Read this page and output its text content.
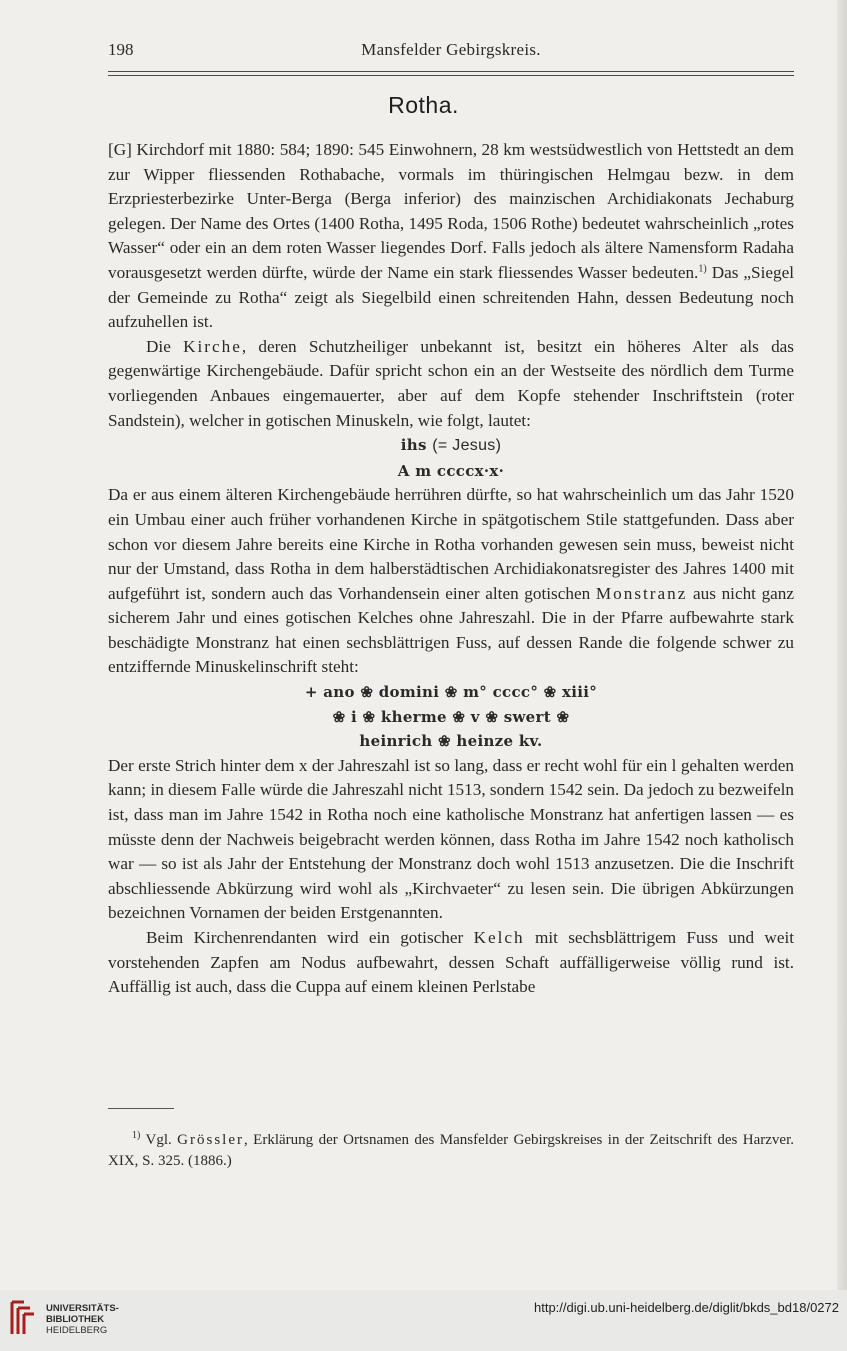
198	Mansfelder Gebirgskreis.
Rotha.

[G] Kirchdorf mit 1880: 584; 1890: 545 Einwohnern, 28 km westsüdwestlich von Hettstedt an dem zur Wipper fliessenden Rothabache, vormals im thüringischen Helmgau bezw. in dem Erzpriesterbezirke Unter-Berga (Berga inferior) des mainzischen Archidiakonats Jechaburg gelegen. Der Name des Ortes (1400 Rotha, 1495 Roda, 1506 Rothe) bedeutet wahrscheinlich „rotes Wasser“ oder ein an dem roten Wasser liegendes Dorf. Falls jedoch als ältere Namensform Radaha vorausgesetzt werden dürfte, würde der Name ein stark fliessendes Wasser bedeuten.$^{1)}$ Das „Siegel der Gemeinde zu Rotha“ zeigt als Siegelbild einen schreitenden Hahn, dessen Bedeutung noch aufzuhellen ist.

Die Kirche, deren Schutzheiliger unbekannt ist, besitzt ein höheres Alter als das gegenwärtige Kirchengebäude. Dafür spricht schon ein an der Westseite des nördlich dem Turme vorliegenden Anbaues eingemauerter, aber auf dem Kopfe stehender Inschriftstein (roter Sandstein), welcher in gotischen Minuskeln, wie folgt, lautet:

ihs (= Jesus)
A m ccccx·x·

Da er aus einem älteren Kirchengebäude herrühren dürfte, so hat wahrscheinlich um das Jahr 1520 ein Umbau einer auch früher vorhandenen Kirche in spätgotischem Stile stattgefunden. Dass aber schon vor diesem Jahre bereits eine Kirche in Rotha vorhanden gewesen sein muss, beweist nicht nur der Umstand, dass Rotha in dem halberstädtischen Archidiakonatsregister des Jahres 1400 mit aufgeführt ist, sondern auch das Vorhandensein einer alten gotischen Monstranz aus nicht ganz sicherem Jahr und eines gotischen Kelches ohne Jahreszahl. Die in der Pfarre aufbewahrte stark beschädigte Monstranz hat einen sechsblättrigen Fuss, auf dessen Rande die folgende schwer zu entziffernde Minuskelinschrift steht:

+ ano ❀ domini ❀ m° cccc° ❀ xiii°
❀ i ❀ kherme ❀ v ❀ swert ❀
heinrich ❀ heinze kv.

Der erste Strich hinter dem x der Jahreszahl ist so lang, dass er recht wohl für ein l gehalten werden kann; in diesem Falle würde die Jahreszahl nicht 1513, sondern 1542 sein. Da jedoch zu bezweifeln ist, dass man im Jahre 1542 in Rotha noch eine katholische Monstranz hat anfertigen lassen — es müsste denn der Nachweis beigebracht werden können, dass Rotha im Jahre 1542 noch katholisch war — so ist als Jahr der Entstehung der Monstranz doch wohl 1513 anzusetzen. Die die Inschrift abschliessende Abkürzung wird wohl als „Kirchvaeter“ zu lesen sein. Die übrigen Abkürzungen bezeichnen Vornamen der beiden Erstgenannten.

Beim Kirchenrendanten wird ein gotischer Kelch mit sechsblättrigem Fuss und weit vorstehenden Zapfen am Nodus aufbewahrt, dessen Schaft auffälligerweise völlig rund ist. Auffällig ist auch, dass die Cuppa auf einem kleinen Perlstabe

$^{1)}$ Vgl. Grössler, Erklärung der Ortsnamen des Mansfelder Gebirgskreises in der Zeitschrift des Harzver. XIX, S. 325. (1886.)
UNIVERSITÄTS-
BIBLIOTHEK
HEIDELBERG
http://digi.ub.uni-heidelberg.de/diglit/bkds_bd18/0272
